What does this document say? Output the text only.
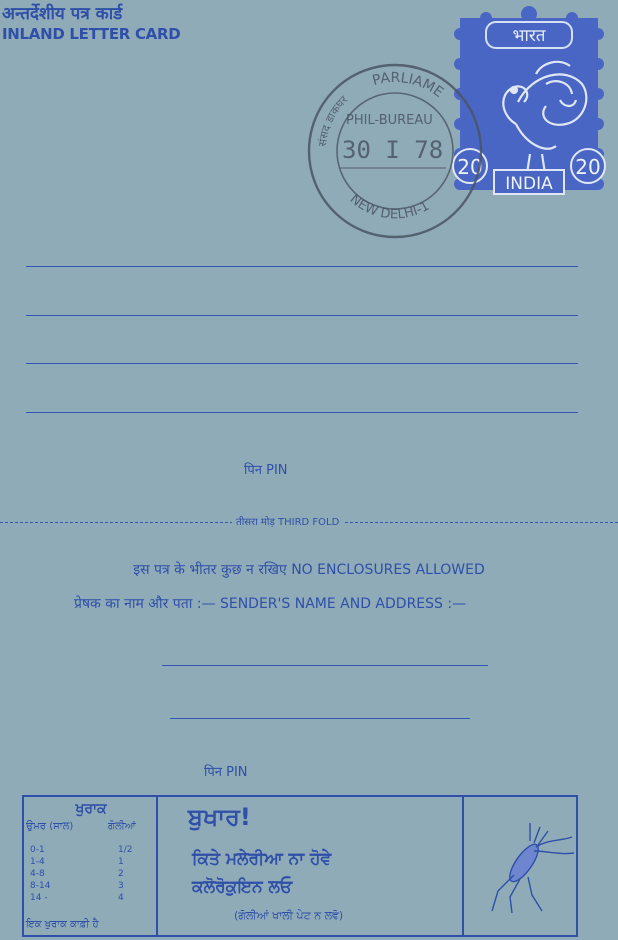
अन्तर्देशीय पत्र कार्ड
INLAND LETTER CARD	भारत
20	20
INDIA
PARLIAME
संसद डाकघर
NEW DELHI-1
PHIL-BUREAU
30 I 78
पिन PIN
तीसरा मोड़ THIRD FOLD
इस पत्र के भीतर कुछ न रखिए NO ENCLOSURES ALLOWED
प्रेषक का नाम और पता :— SENDER'S NAME AND ADDRESS :—
पिन PIN
ਖੁਰਾਕ
ਉਮਰ (ਸਾਲ)	ਗੋਲੀਆਂ
0-1	1/2
1-4	1
4-8	2
8-14	3
14 -	4
ਇਕ ਖੁਰਾਕ ਕਾਫ਼ੀ ਹੈ
ਬੁਖਾਰ!
ਕਿਤੇ ਮਲੇਰੀਆ ਨਾ ਹੋਵੇ
ਕਲੋਰੋਕੁਇਨ ਲਓ
(ਗੋਲੀਆਂ ਖਾਲੀ ਪੇਟ ਨ ਲਵੋ)
